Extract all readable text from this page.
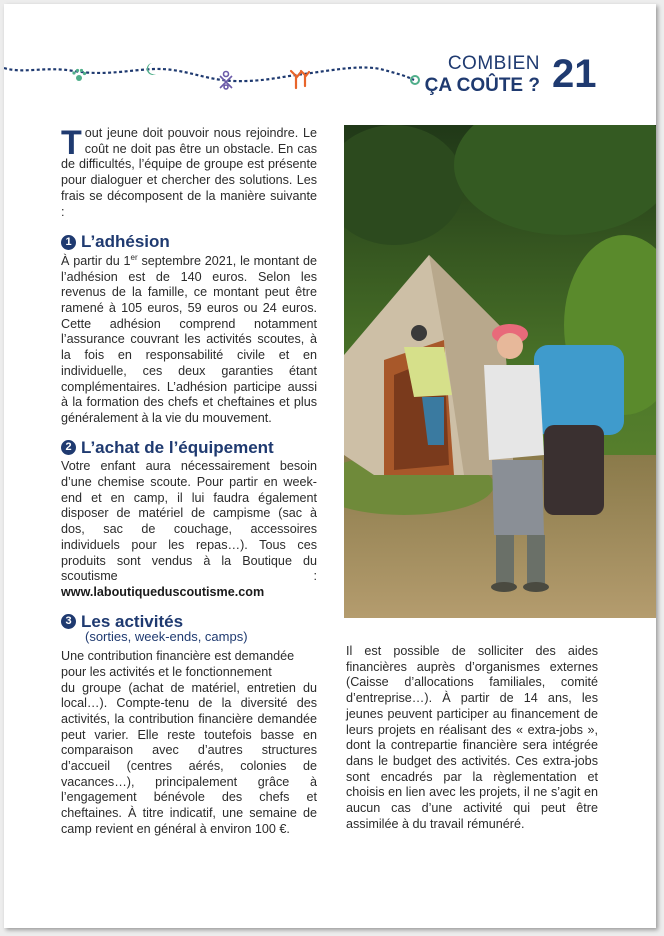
COMBIEN
ÇA COÛTE ? 21

Tout jeune doit pouvoir nous rejoindre. Le coût ne doit pas être un obstacle. En cas de difficultés, l’équipe de groupe est présente pour dialoguer et chercher des solutions. Les frais se décomposent de la manière suivante :

1 L’adhésion

À partir du 1er septembre 2021, le montant de l’adhésion est de 140 euros. Selon les revenus de la famille, ce montant peut être ramené à 105 euros, 59 euros ou 24 euros. Cette adhésion comprend notamment l’assurance couvrant les activités scoutes, à la fois en responsabilité civile et en individuelle, ces deux garanties étant complémentaires. L’adhésion participe aussi à la formation des chefs et cheftaines et plus généralement à la vie du mouvement.

2 L’achat de l’équipement

Votre enfant aura nécessairement besoin d’une chemise scoute. Pour partir en week-end et en camp, il lui faudra également disposer de matériel de campisme (sac à dos, sac de couchage, accessoires individuels pour les repas…). Tous ces produits sont vendus à la Boutique du scoutisme : www.laboutiqueduscoutisme.com

3 Les activités

(sorties, week-ends, camps)

Une contribution financière est demandée pour les activités et le fonctionnement

du groupe (achat de matériel, entretien du local…). Compte-tenu de la diversité des activités, la contribution financière demandée peut varier. Elle reste toutefois basse en comparaison avec d’autres structures d’accueil (centres aérés, colonies de vacances…), principalement grâce à l’engagement bénévole des chefs et cheftaines. À titre indicatif, une semaine de camp revient en général à environ 100 €.

Il est possible de solliciter des aides financières auprès d’organismes externes (Caisse d’allocations familiales, comité d’entreprise…). À partir de 14 ans, les jeunes peuvent participer au financement de leurs projets en réalisant des « extra-jobs », dont la contrepartie financière sera intégrée dans le budget des activités. Ces extra-jobs sont encadrés par la règlementation et choisis en lien avec les projets, il ne s’agit en aucun cas d’une activité qui peut être assimilée à du travail rémunéré.
